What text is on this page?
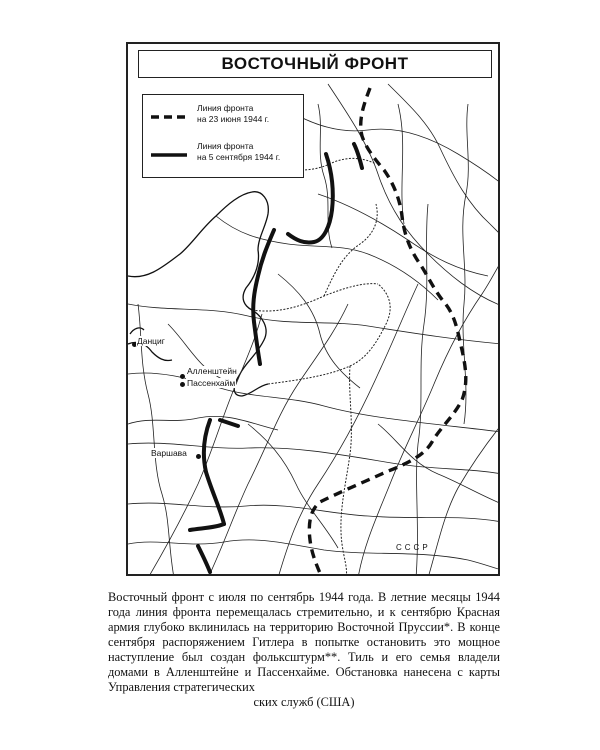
ВОСТОЧНЫЙ ФРОНТ
Линия фронта
на 23 июня 1944 г.
Линия фронта
на 5 сентября 1944 г.
Данциг
Алленштейн
Пассенхайм
Варшава
СССР

Восточный фронт с июля по сентябрь 1944 года. В летние месяцы 1944 года линия фронта перемещалась стремительно, и к сентябрю Красная армия глубоко вклинилась на территорию Восточной Пруссии*. В конце сентября распоряжением Гитлера в попытке остановить это мощное наступление был создан фольксштурм**. Тиль и его семья владели домами в Алленштейне и Пассенхайме. Обстановка нанесена с карты Управления стратегических

ских служб (США)
